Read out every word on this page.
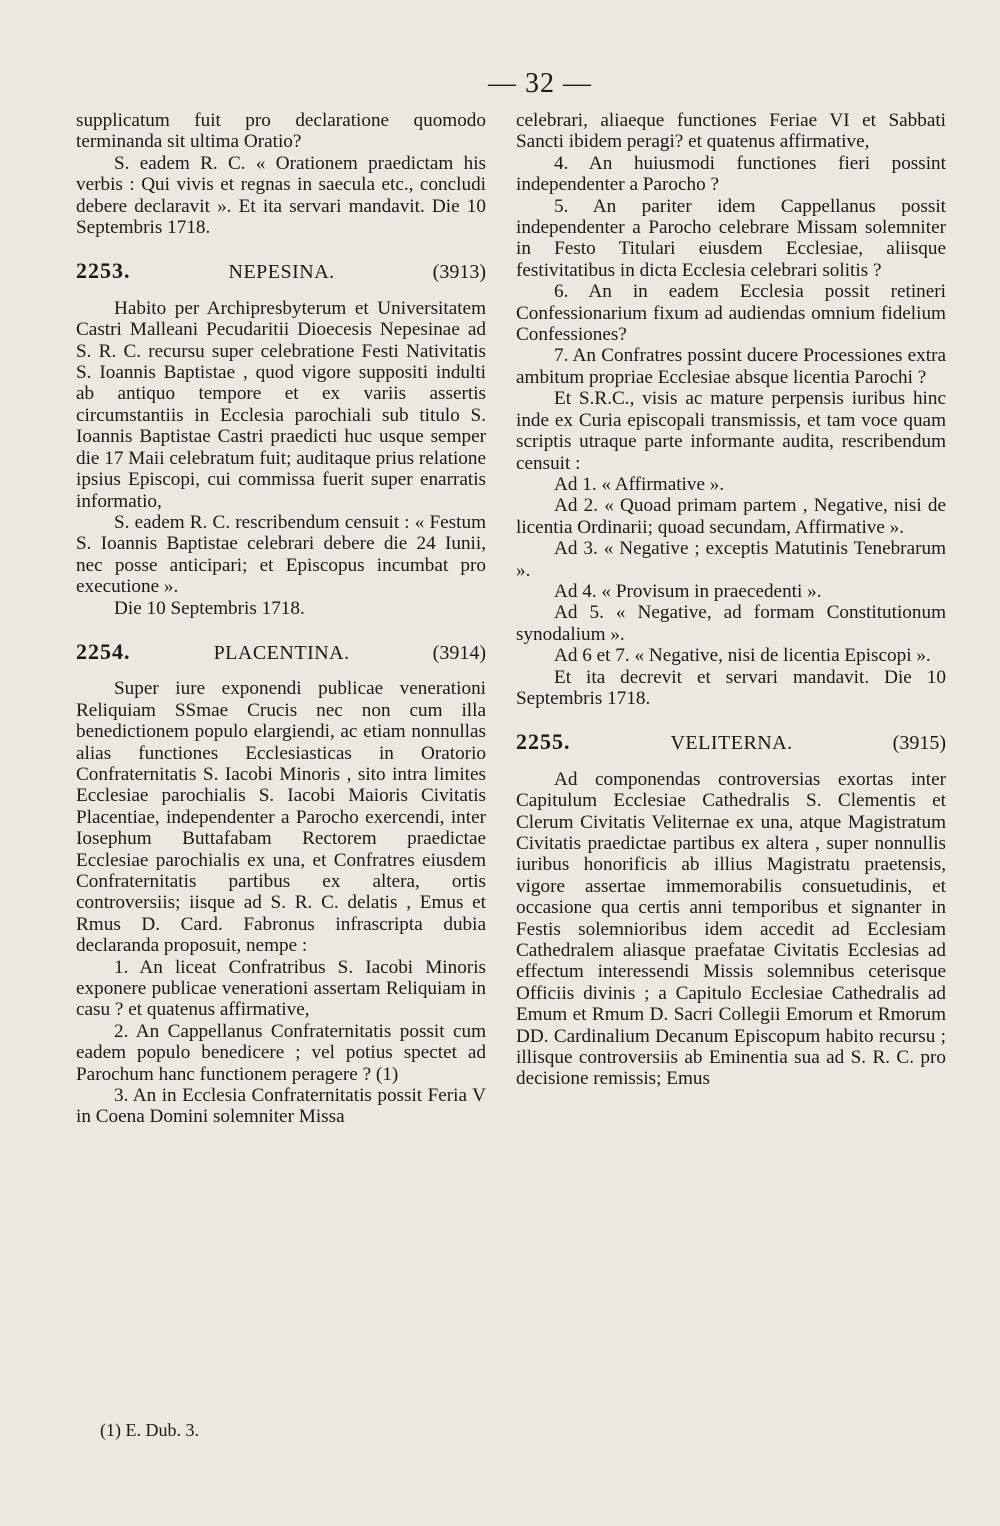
— 32 —

supplicatum fuit pro declaratione quomodo terminanda sit ultima Oratio?

S. eadem R. C. « Orationem praedictam his verbis : Qui vivis et regnas in saecula etc., concludi debere declaravit ». Et ita servari mandavit. Die 10 Septembris 1718.

2253.	NEPESINA.	(3913)

Habito per Archipresbyterum et Universitatem Castri Malleani Pecudaritii Dioecesis Nepesinae ad S. R. C. recursu super celebratione Festi Nativitatis S. Ioannis Baptistae , quod vigore suppositi indulti ab antiquo tempore et ex variis assertis circumstantiis in Ecclesia parochiali sub titulo S. Ioannis Baptistae Castri praedicti huc usque semper die 17 Maii celebratum fuit; auditaque prius relatione ipsius Episcopi, cui commissa fuerit super enarratis informatio,

S. eadem R. C. rescribendum censuit : « Festum S. Ioannis Baptistae celebrari debere die 24 Iunii, nec posse anticipari; et Episcopus incumbat pro executione ».

Die 10 Septembris 1718.

2254.	PLACENTINA.	(3914)

Super iure exponendi publicae venerationi Reliquiam SSmae Crucis nec non cum illa benedictionem populo elargiendi, ac etiam nonnullas alias functiones Ecclesiasticas in Oratorio Confraternitatis S. Iacobi Minoris , sito intra limites Ecclesiae parochialis S. Iacobi Maioris Civitatis Placentiae, independenter a Parocho exercendi, inter Iosephum Buttafabam Rectorem praedictae Ecclesiae parochialis ex una, et Confratres eiusdem Confraternitatis partibus ex altera, ortis controversiis; iisque ad S. R. C. delatis , Emus et Rmus D. Card. Fabronus infrascripta dubia declaranda proposuit, nempe :

1. An liceat Confratribus S. Iacobi Minoris exponere publicae venerationi assertam Reliquiam in casu ? et quatenus affirmative,

2. An Cappellanus Confraternitatis possit cum eadem populo benedicere ; vel potius spectet ad Parochum hanc functionem peragere ? (1)

3. An in Ecclesia Confraternitatis possit Feria V in Coena Domini solemniter Missa

celebrari, aliaeque functiones Feriae VI et Sabbati Sancti ibidem peragi? et quatenus affirmative,

4. An huiusmodi functiones fieri possint independenter a Parocho ?

5. An pariter idem Cappellanus possit independenter a Parocho celebrare Missam solemniter in Festo Titulari eiusdem Ecclesiae, aliisque festivitatibus in dicta Ecclesia celebrari solitis ?

6. An in eadem Ecclesia possit retineri Confessionarium fixum ad audiendas omnium fidelium Confessiones?

7. An Confratres possint ducere Processiones extra ambitum propriae Ecclesiae absque licentia Parochi ?

Et S.R.C., visis ac mature perpensis iuribus hinc inde ex Curia episcopali transmissis, et tam voce quam scriptis utraque parte informante audita, rescribendum censuit :

Ad 1. « Affirmative ».

Ad 2. « Quoad primam partem , Negative, nisi de licentia Ordinarii; quoad secundam, Affirmative ».

Ad 3. « Negative ; exceptis Matutinis Tenebrarum ».

Ad 4. « Provisum in praecedenti ».

Ad 5. « Negative, ad formam Constitutionum synodalium ».

Ad 6 et 7. « Negative, nisi de licentia Episcopi ».

Et ita decrevit et servari mandavit. Die 10 Septembris 1718.

2255.	VELITERNA.	(3915)

Ad componendas controversias exortas inter Capitulum Ecclesiae Cathedralis S. Clementis et Clerum Civitatis Veliternae ex una, atque Magistratum Civitatis praedictae partibus ex altera , super nonnullis iuribus honorificis ab illius Magistratu praetensis, vigore assertae immemorabilis consuetudinis, et occasione qua certis anni temporibus et signanter in Festis solemnioribus idem accedit ad Ecclesiam Cathedralem aliasque praefatae Civitatis Ecclesias ad effectum interessendi Missis solemnibus ceterisque Officiis divinis ; a Capitulo Ecclesiae Cathedralis ad Emum et Rmum D. Sacri Collegii Emorum et Rmorum DD. Cardinalium Decanum Episcopum habito recursu ; illisque controversiis ab Eminentia sua ad S. R. C. pro decisione remissis; Emus

(1) E. Dub. 3.
